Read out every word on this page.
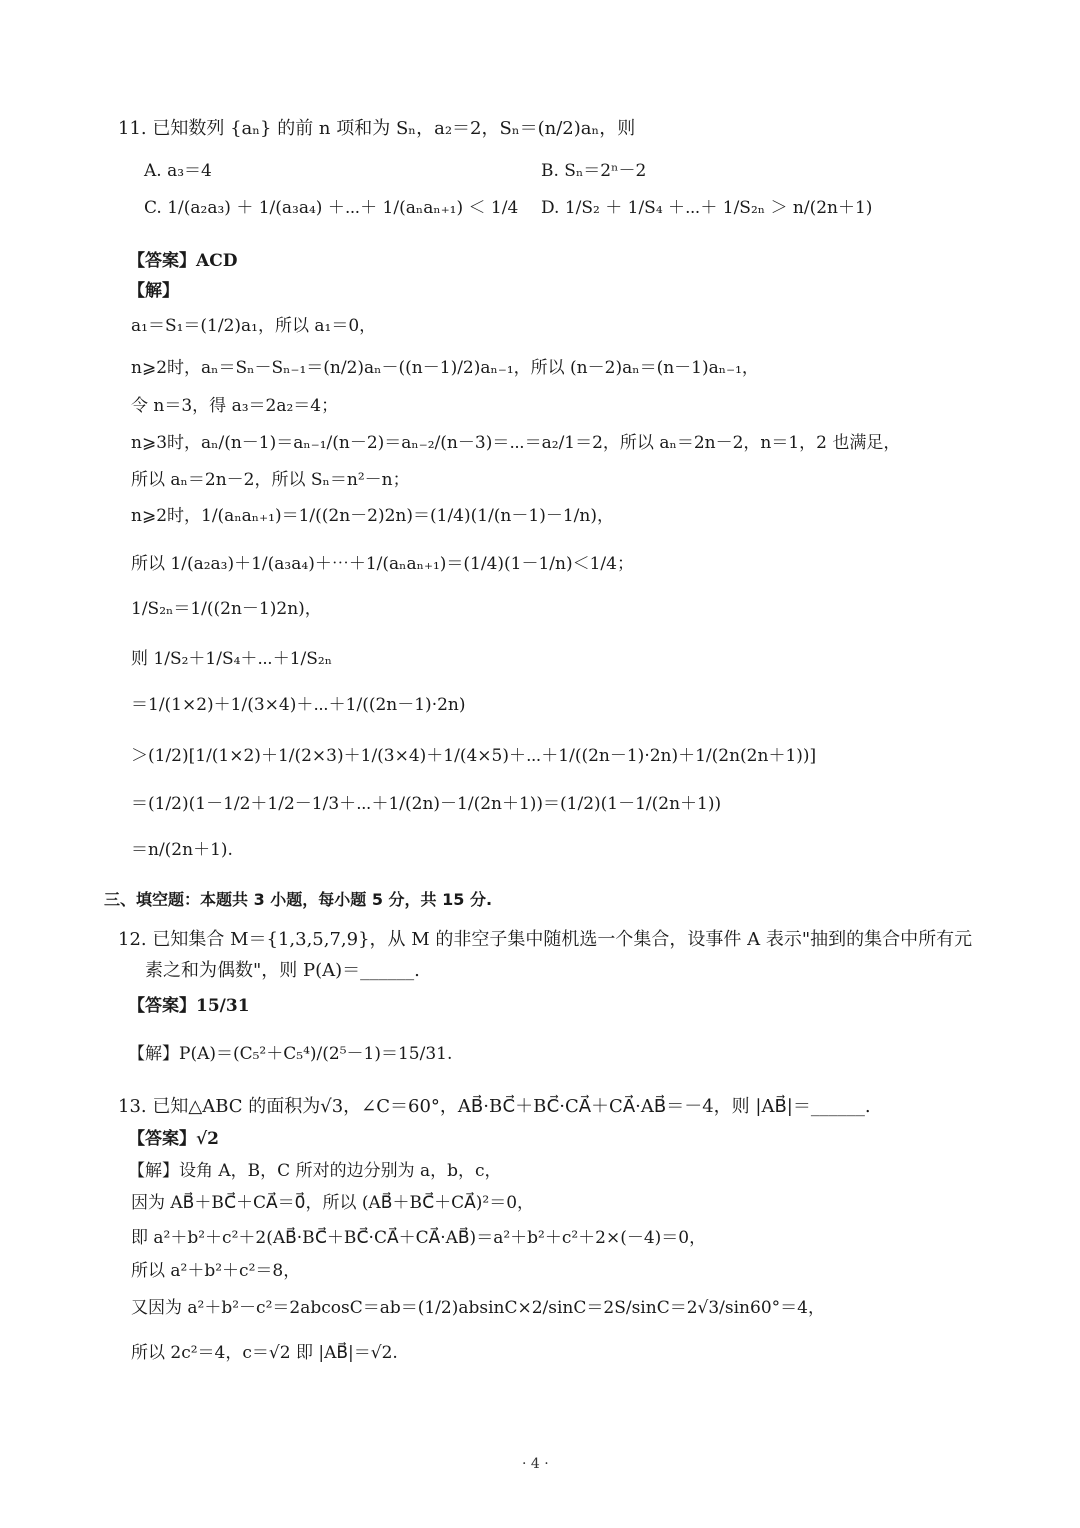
11. 已知数列 {aₙ} 的前 n 项和为 Sₙ，a₂＝2，Sₙ＝(n/2)aₙ，则
A. a₃＝4	B. Sₙ＝2ⁿ－2
C. 1/(a₂a₃) ＋ 1/(a₃a₄) ＋⋯＋ 1/(aₙaₙ₊₁) ＜ 1/4 D. 1/S₂ ＋ 1/S₄ ＋⋯＋ 1/S₂ₙ ＞ n/(2n＋1)
【答案】ACD
【解】
a₁＝S₁＝(1/2)a₁，所以 a₁＝0，
n⩾2时，aₙ＝Sₙ－Sₙ₋₁＝(n/2)aₙ－((n－1)/2)aₙ₋₁，所以 (n－2)aₙ＝(n－1)aₙ₋₁，
令 n＝3，得 a₃＝2a₂＝4；
n⩾3时，aₙ/(n－1)＝aₙ₋₁/(n－2)＝aₙ₋₂/(n－3)＝⋯＝a₂/1＝2，所以 aₙ＝2n－2，n＝1，2 也满足，
所以 aₙ＝2n－2，所以 Sₙ＝n²－n；
n⩾2时，1/(aₙaₙ₊₁)＝1/((2n－2)2n)＝(1/4)(1/(n－1)－1/n)，
所以 1/(a₂a₃)＋1/(a₃a₄)＋⋯＋1/(aₙaₙ₊₁)＝(1/4)(1－1/n)＜1/4；
1/S₂ₙ＝1/((2n－1)2n)，
则 1/S₂＋1/S₄＋⋯＋1/S₂ₙ
＝1/(1×2)＋1/(3×4)＋⋯＋1/((2n－1)·2n)
＞(1/2)[1/(1×2)＋1/(2×3)＋1/(3×4)＋1/(4×5)＋⋯＋1/((2n－1)·2n)＋1/(2n(2n＋1))]
＝(1/2)(1－1/2＋1/2－1/3＋⋯＋1/(2n)－1/(2n＋1))＝(1/2)(1－1/(2n＋1))
＝n/(2n＋1).
三、填空题：本题共 3 小题，每小题 5 分，共 15 分.
12. 已知集合 M＝{1,3,5,7,9}，从 M 的非空子集中随机选一个集合，设事件 A 表示"抽到的集合中所有元
素之和为偶数"，则 P(A)＝______.
【答案】15/31
【解】P(A)＝(C₅²＋C₅⁴)/(2⁵－1)＝15/31.
13. 已知△ABC 的面积为√3，∠C＝60°，AB⃗·BC⃗＋BC⃗·CA⃗＋CA⃗·AB⃗＝－4，则 |AB⃗|＝______.
【答案】√2
【解】设角 A，B，C 所对的边分别为 a，b，c，
因为 AB⃗＋BC⃗＋CA⃗＝0⃗，所以 (AB⃗＋BC⃗＋CA⃗)²＝0，
即 a²＋b²＋c²＋2(AB⃗·BC⃗＋BC⃗·CA⃗＋CA⃗·AB⃗)＝a²＋b²＋c²＋2×(－4)＝0，
所以 a²＋b²＋c²＝8，
又因为 a²＋b²－c²＝2abcosC＝ab＝(1/2)absinC×2/sinC＝2S/sinC＝2√3/sin60°＝4，
所以 2c²＝4，c＝√2 即 |AB⃗|＝√2.
· 4 ·
